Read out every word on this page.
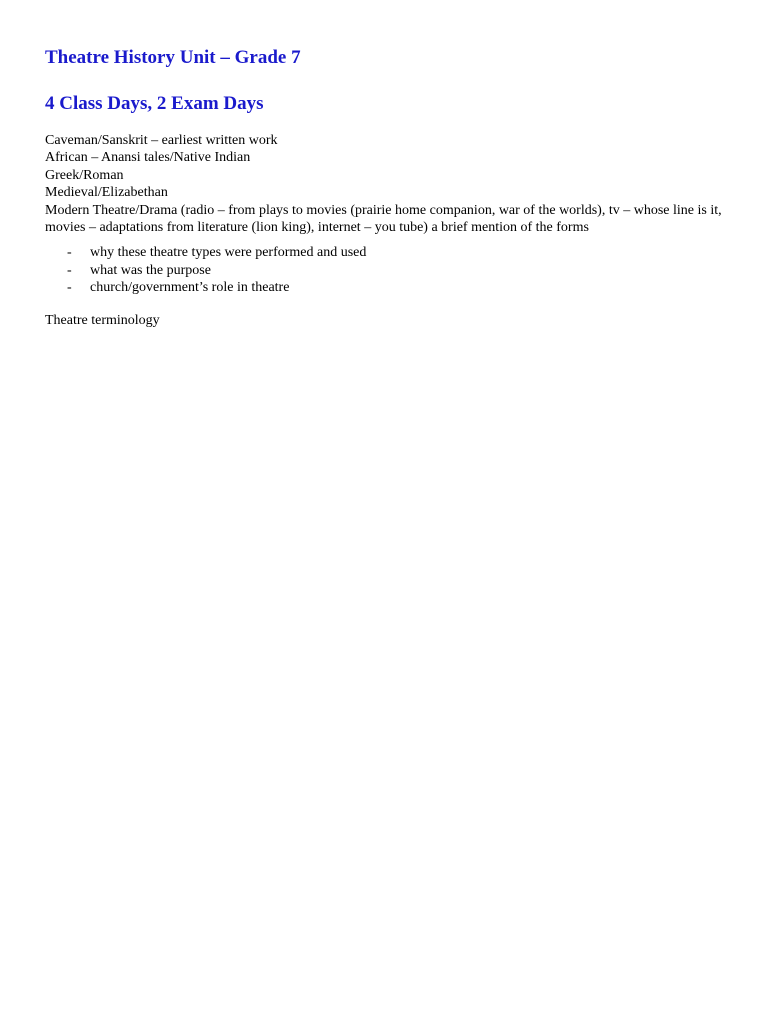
Theatre History Unit – Grade 7
4 Class Days, 2 Exam Days
Caveman/Sanskrit – earliest written work
African – Anansi tales/Native Indian
Greek/Roman
Medieval/Elizabethan
Modern Theatre/Drama (radio – from plays to movies (prairie home companion, war of the worlds), tv – whose line is it, movies – adaptations from literature (lion king), internet – you tube) a brief mention of the forms
-	why these theatre types were performed and used
-	what was the purpose
-	church/government’s role in theatre

Theatre terminology
